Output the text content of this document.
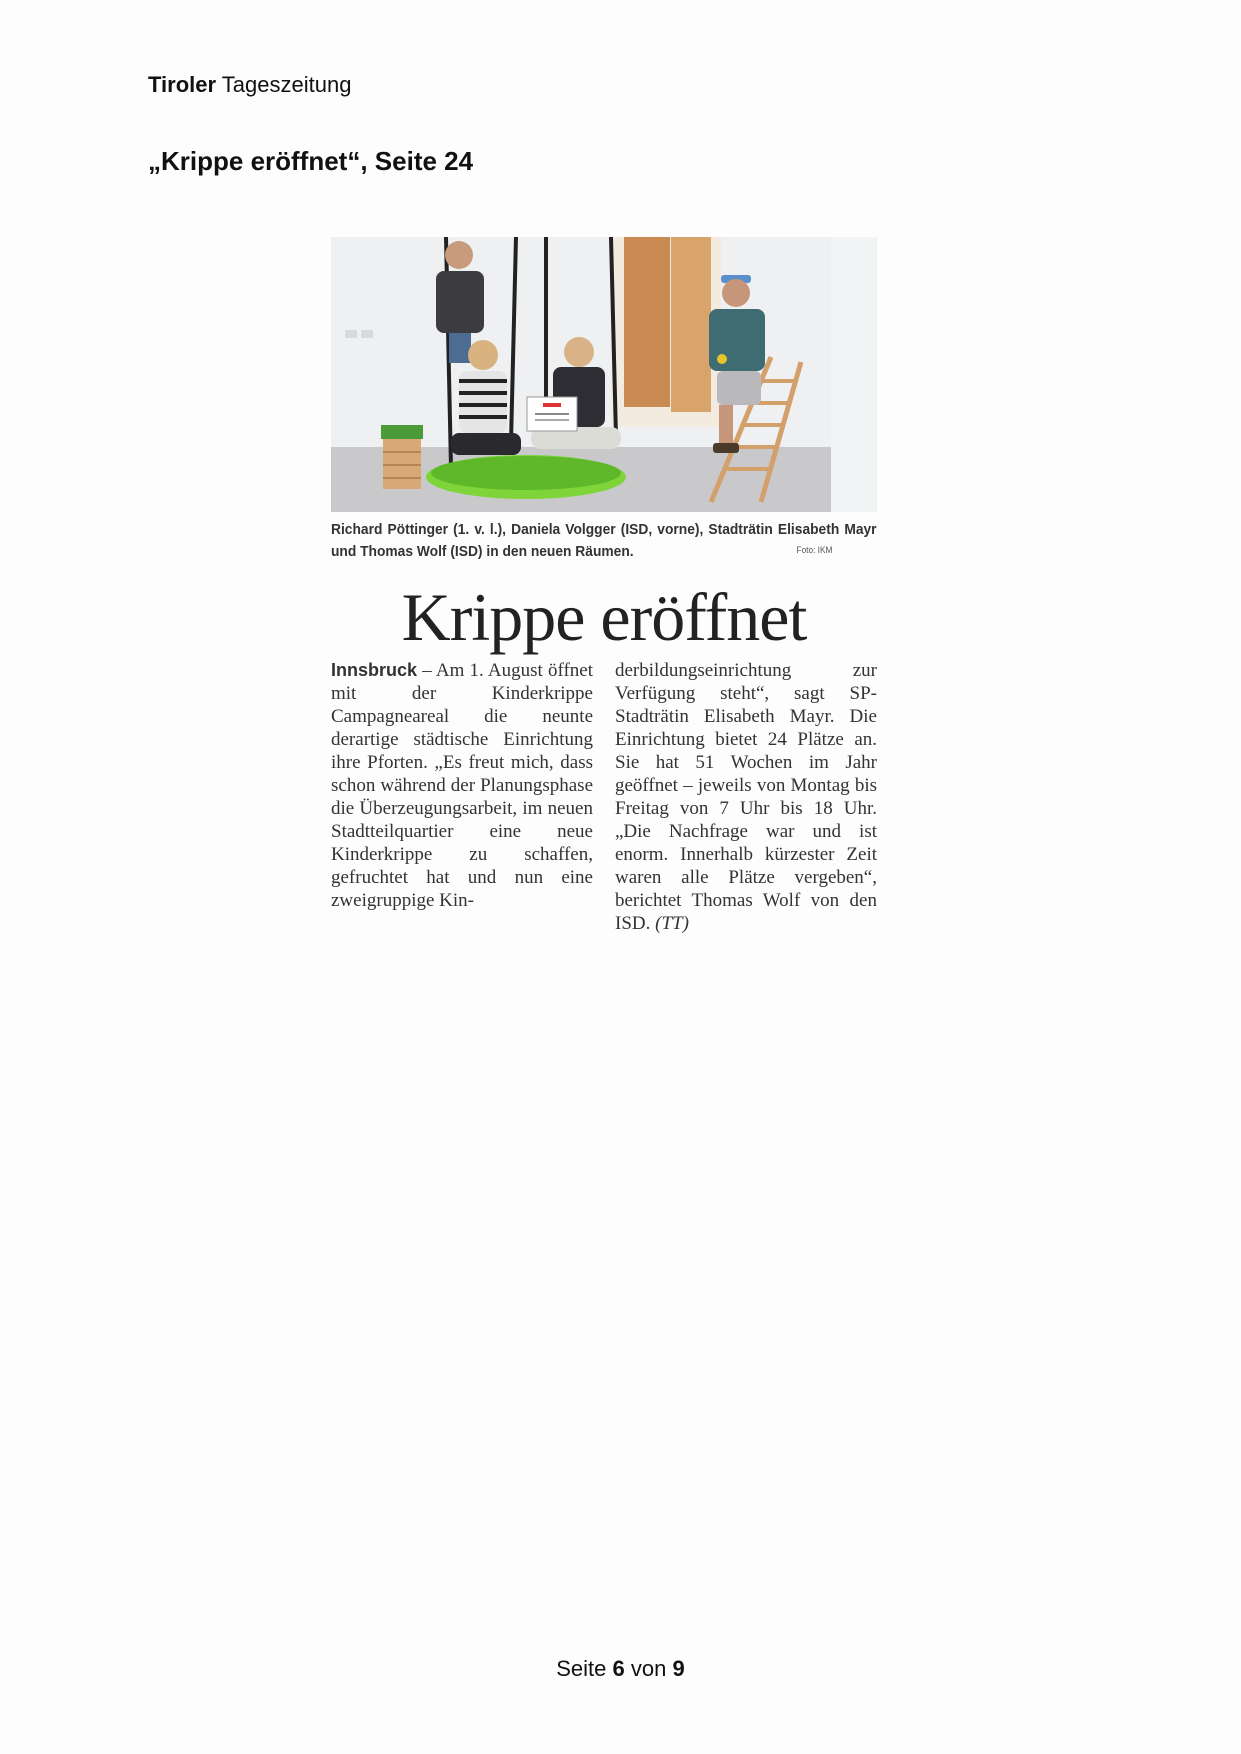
Tiroler Tageszeitung
„Krippe eröffnet“, Seite 24
Richard Pöttinger (1. v. l.), Daniela Volgger (ISD, vorne), Stadträtin Elisabeth Mayr und Thomas Wolf (ISD) in den neuen Räumen.	Foto: IKM
Krippe eröffnet

Innsbruck – Am 1. August öffnet mit der Kinderkrippe Campagneareal die neunte derartige städtische Einrichtung ihre Pforten. „Es freut mich, dass schon während der Planungsphase die Überzeugungsarbeit, im neuen Stadtteilquartier eine neue Kinderkrippe zu schaffen, gefruchtet hat und nun eine zweigruppige Kin-

derbildungseinrichtung zur Verfügung steht“, sagt SP-Stadträtin Elisabeth Mayr. Die Einrichtung bietet 24 Plätze an. Sie hat 51 Wochen im Jahr geöffnet – jeweils von Montag bis Freitag von 7 Uhr bis 18 Uhr. „Die Nachfrage war und ist enorm. Innerhalb kürzester Zeit waren alle Plätze vergeben“, berichtet Thomas Wolf von den ISD. (TT)

Seite 6 von 9
